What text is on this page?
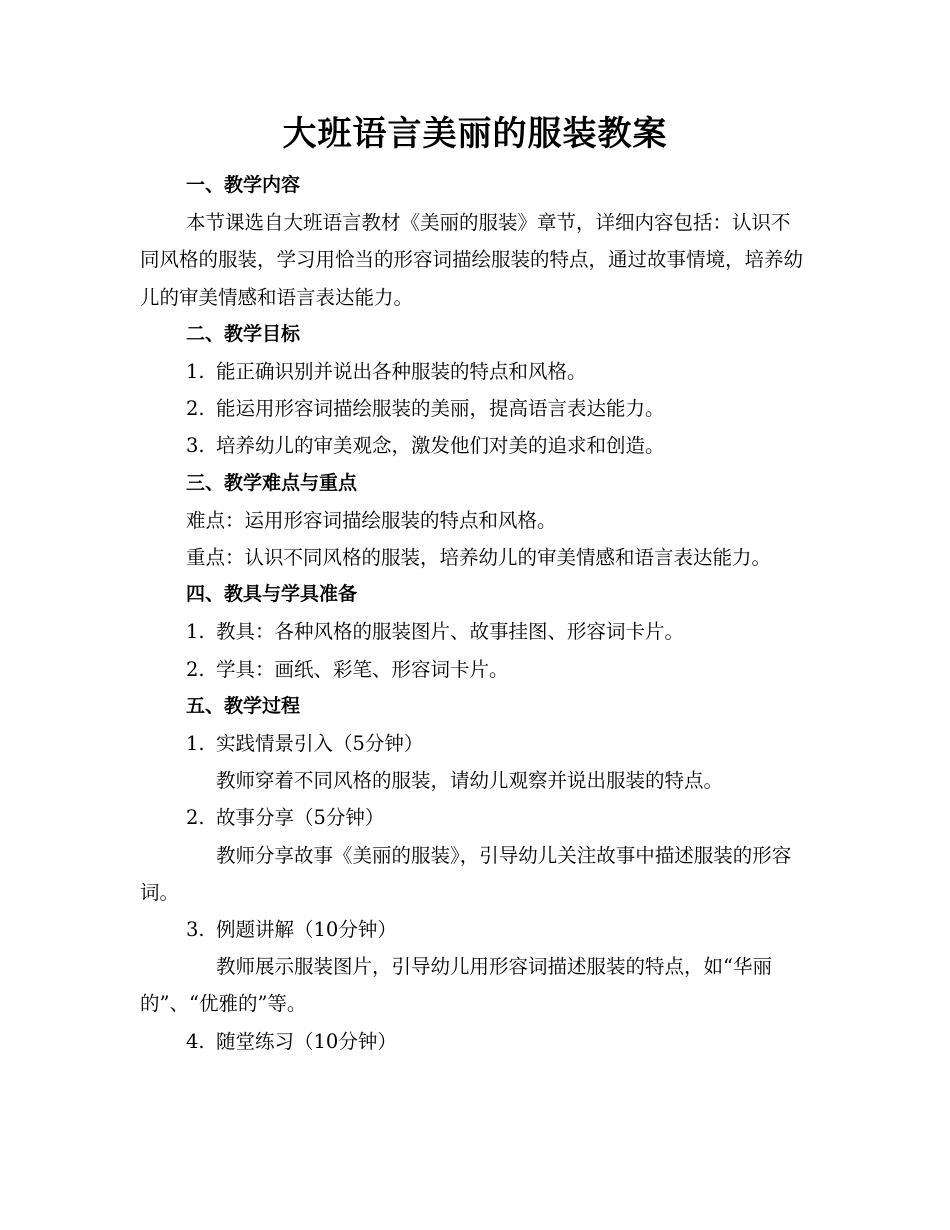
大班语言美丽的服装教案

一、教学内容

本节课选自大班语言教材《美丽的服装》章节，详细内容包括：认识不同风格的服装，学习用恰当的形容词描绘服装的特点，通过故事情境，培养幼儿的审美情感和语言表达能力。

二、教学目标

1. 能正确识别并说出各种服装的特点和风格。

2. 能运用形容词描绘服装的美丽，提高语言表达能力。

3. 培养幼儿的审美观念，激发他们对美的追求和创造。

三、教学难点与重点

难点：运用形容词描绘服装的特点和风格。

重点：认识不同风格的服装，培养幼儿的审美情感和语言表达能力。

四、教具与学具准备

1. 教具：各种风格的服装图片、故事挂图、形容词卡片。

2. 学具：画纸、彩笔、形容词卡片。

五、教学过程

1. 实践情景引入（5分钟）

教师穿着不同风格的服装，请幼儿观察并说出服装的特点。

2. 故事分享（5分钟）

教师分享故事《美丽的服装》，引导幼儿关注故事中描述服装的形容词。

3. 例题讲解（10分钟）

教师展示服装图片，引导幼儿用形容词描述服装的特点，如“华丽的”、“优雅的”等。

4. 随堂练习（10分钟）
